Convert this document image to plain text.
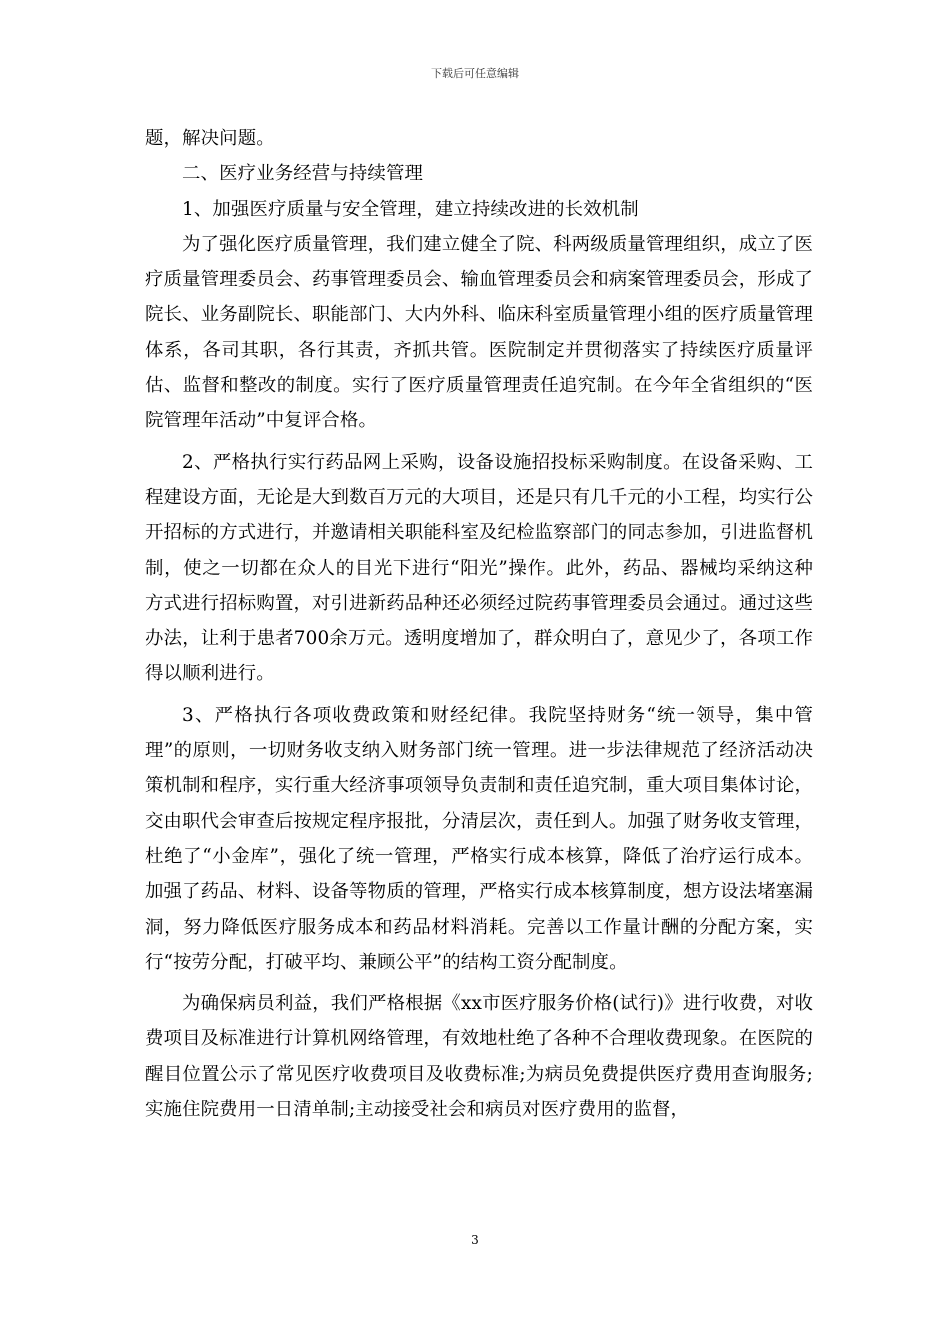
下载后可任意编辑

题，解决问题。

二、医疗业务经营与持续管理

1、加强医疗质量与安全管理，建立持续改进的长效机制

为了强化医疗质量管理，我们建立健全了院、科两级质量管理组织，成立了医疗质量管理委员会、药事管理委员会、输血管理委员会和病案管理委员会，形成了院长、业务副院长、职能部门、大内外科、临床科室质量管理小组的医疗质量管理体系，各司其职，各行其责，齐抓共管。医院制定并贯彻落实了持续医疗质量评估、监督和整改的制度。实行了医疗质量管理责任追究制。在今年全省组织的“医院管理年活动”中复评合格。

2、严格执行实行药品网上采购，设备设施招投标采购制度。在设备采购、工程建设方面，无论是大到数百万元的大项目，还是只有几千元的小工程，均实行公开招标的方式进行，并邀请相关职能科室及纪检监察部门的同志参加，引进监督机制，使之一切都在众人的目光下进行“阳光”操作。此外，药品、器械均采纳这种方式进行招标购置，对引进新药品种还必须经过院药事管理委员会通过。通过这些办法，让利于患者700余万元。透明度增加了，群众明白了，意见少了，各项工作得以顺利进行。

3、严格执行各项收费政策和财经纪律。我院坚持财务“统一领导，集中管理”的原则，一切财务收支纳入财务部门统一管理。进一步法律规范了经济活动决策机制和程序，实行重大经济事项领导负责制和责任追究制，重大项目集体讨论，交由职代会审查后按规定程序报批，分清层次，责任到人。加强了财务收支管理，杜绝了“小金库”，强化了统一管理，严格实行成本核算，降低了治疗运行成本。加强了药品、材料、设备等物质的管理，严格实行成本核算制度，想方设法堵塞漏洞，努力降低医疗服务成本和药品材料消耗。完善以工作量计酬的分配方案，实行“按劳分配，打破平均、兼顾公平”的结构工资分配制度。

为确保病员利益，我们严格根据《xx市医疗服务价格(试行)》进行收费，对收费项目及标准进行计算机网络管理，有效地杜绝了各种不合理收费现象。在医院的醒目位置公示了常见医疗收费项目及收费标准;为病员免费提供医疗费用查询服务;实施住院费用一日清单制;主动接受社会和病员对医疗费用的监督，

3
